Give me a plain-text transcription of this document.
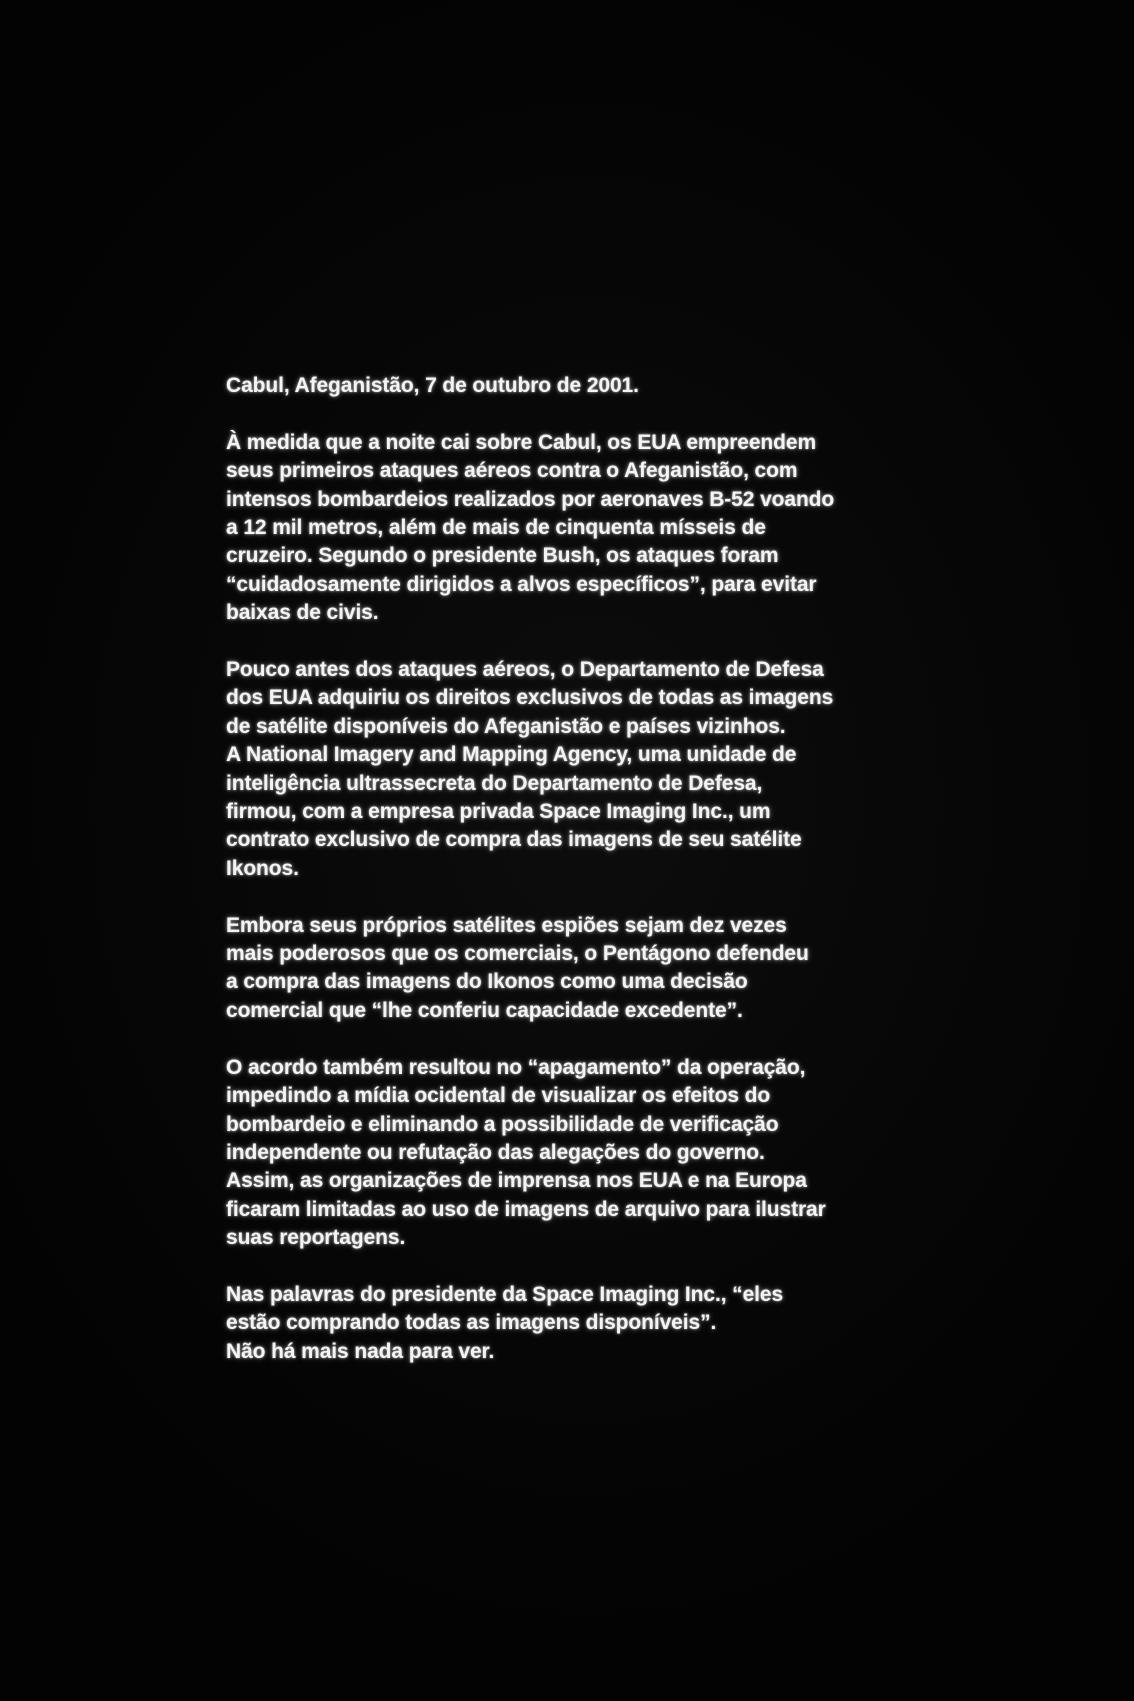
Cabul, Afeganistão, 7 de outubro de 2001.
À medida que a noite cai sobre Cabul, os EUA empreendem
seus primeiros ataques aéreos contra o Afeganistão, com
intensos bombardeios realizados por aeronaves B-52 voando
a 12 mil metros, além de mais de cinquenta mísseis de
cruzeiro. Segundo o presidente Bush, os ataques foram
“cuidadosamente dirigidos a alvos específicos”, para evitar
baixas de civis.
Pouco antes dos ataques aéreos, o Departamento de Defesa
dos EUA adquiriu os direitos exclusivos de todas as imagens
de satélite disponíveis do Afeganistão e países vizinhos.
A National Imagery and Mapping Agency, uma unidade de
inteligência ultrassecreta do Departamento de Defesa,
firmou, com a empresa privada Space Imaging Inc., um
contrato exclusivo de compra das imagens de seu satélite
Ikonos.
Embora seus próprios satélites espiões sejam dez vezes
mais poderosos que os comerciais, o Pentágono defendeu
a compra das imagens do Ikonos como uma decisão
comercial que “lhe conferiu capacidade excedente”.
O acordo também resultou no “apagamento” da operação,
impedindo a mídia ocidental de visualizar os efeitos do
bombardeio e eliminando a possibilidade de verificação
independente ou refutação das alegações do governo.
Assim, as organizações de imprensa nos EUA e na Europa
ficaram limitadas ao uso de imagens de arquivo para ilustrar
suas reportagens.
Nas palavras do presidente da Space Imaging Inc., “eles
estão comprando todas as imagens disponíveis”.
Não há mais nada para ver.
